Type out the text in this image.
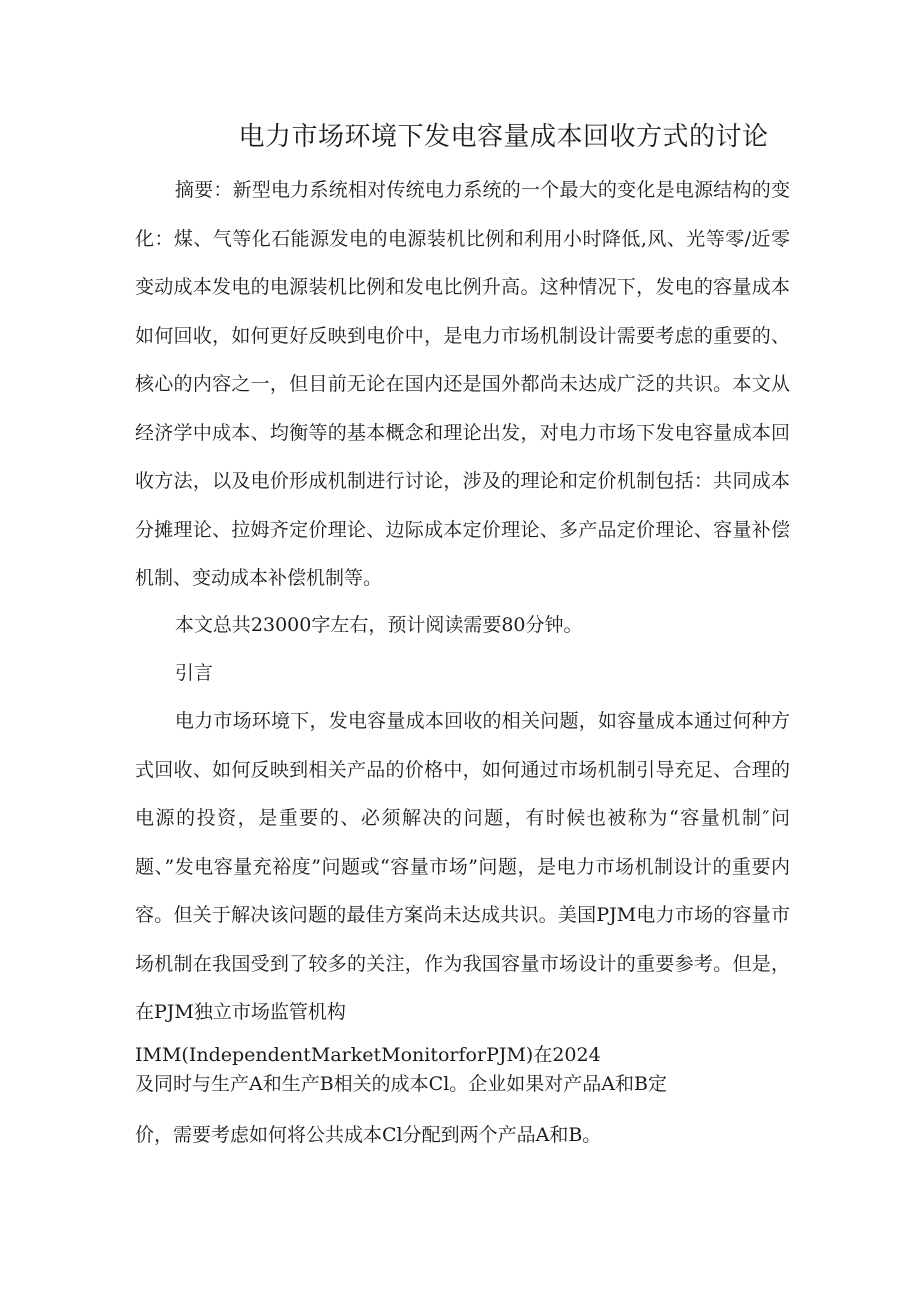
电力市场环境下发电容量成本回收方式的讨论

摘要：新型电力系统相对传统电力系统的一个最大的变化是电源结构的变化：煤、气等化石能源发电的电源装机比例和利用小时降低,风、光等零/近零变动成本发电的电源装机比例和发电比例升高。这种情况下，发电的容量成本如何回收，如何更好反映到电价中，是电力市场机制设计需要考虑的重要的、核心的内容之一，但目前无论在国内还是国外都尚未达成广泛的共识。本文从经济学中成本、均衡等的基本概念和理论出发，对电力市场下发电容量成本回收方法，以及电价形成机制进行讨论，涉及的理论和定价机制包括：共同成本分摊理论、拉姆齐定价理论、边际成本定价理论、多产品定价理论、容量补偿机制、变动成本补偿机制等。

本文总共23000字左右，预计阅读需要80分钟。

引言

电力市场环境下，发电容量成本回收的相关问题，如容量成本通过何种方式回收、如何反映到相关产品的价格中，如何通过市场机制引导充足、合理的电源的投资，是重要的、必须解决的问题，有时候也被称为“容量机制″问题、”发电容量充裕度”问题或“容量市场”问题，是电力市场机制设计的重要内容。但关于解决该问题的最佳方案尚未达成共识。美国PJM电力市场的容量市场机制在我国受到了较多的关注，作为我国容量市场设计的重要参考。但是，在PJM独立市场监管机构

IMM(IndependentMarketMonitorforPJM)在2024

及同时与生产A和生产B相关的成本Cl。企业如果对产品A和B定

价，需要考虑如何将公共成本Cl分配到两个产品A和B。
